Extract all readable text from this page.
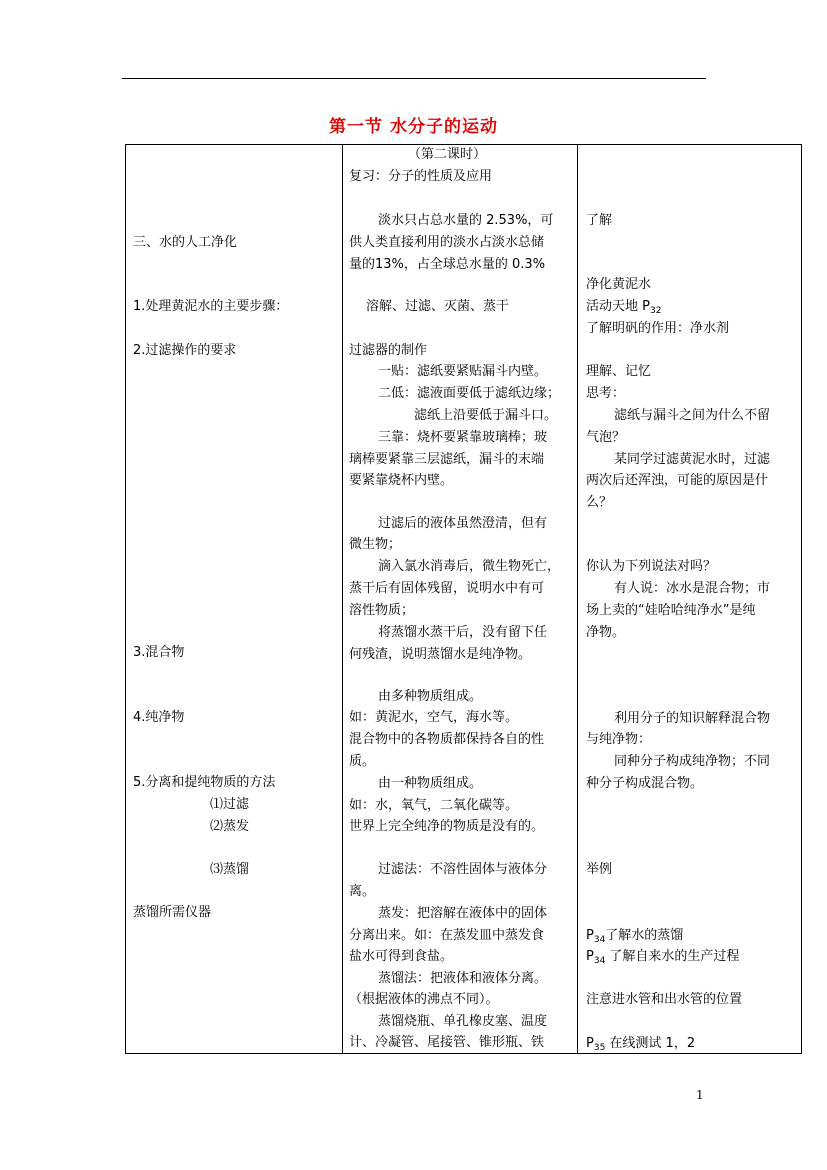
第一节 水分子的运动
三、水的人工净化
1.处理黄泥水的主要步骤：
2.过滤操作的要求
3.混合物
4.纯净物
5.分离和提纯物质的方法
⑴过滤
⑵蒸发
⑶蒸馏
蒸馏所需仪器
（第二课时）
复习：分子的性质及应用
淡水只占总水量的 2.53%，可
供人类直接利用的淡水占淡水总储
量的13%，占全球总水量的 0.3%
溶解、过滤、灭菌、蒸干
过滤器的制作
一贴：滤纸要紧贴漏斗内壁。
二低：滤液面要低于滤纸边缘；
滤纸上沿要低于漏斗口。
三靠：烧杯要紧靠玻璃棒；玻
璃棒要紧靠三层滤纸，漏斗的末端
要紧靠烧杯内壁。
过滤后的液体虽然澄清，但有
微生物；
滴入氯水消毒后，微生物死亡，
蒸干后有固体残留，说明水中有可
溶性物质；
将蒸馏水蒸干后，没有留下任
何残渣，说明蒸馏水是纯净物。
由多种物质组成。
如：黄泥水，空气，海水等。
混合物中的各物质都保持各自的性
质。
由一种物质组成。
如：水，氧气，二氧化碳等。
世界上完全纯净的物质是没有的。
过滤法：不溶性固体与液体分
离。
蒸发：把溶解在液体中的固体
分离出来。如：在蒸发皿中蒸发食
盐水可得到食盐。
蒸馏法：把液体和液体分离。
（根据液体的沸点不同）。
蒸馏烧瓶、单孔橡皮塞、温度
计、冷凝管、尾接管、锥形瓶、铁
了解
净化黄泥水
活动天地 $P_{32}$
了解明矾的作用：净水剂
理解、记忆
思考：
滤纸与漏斗之间为什么不留
气泡？
某同学过滤黄泥水时，过滤
两次后还浑浊，可能的原因是什
么？
你认为下列说法对吗？
有人说：冰水是混合物；市
场上卖的“娃哈哈纯净水”是纯
净物。
利用分子的知识解释混合物
与纯净物：
同种分子构成纯净物；不同
种分子构成混合物。
举例
$P_{34}$了解水的蒸馏
$P_{34}$ 了解自来水的生产过程
注意进水管和出水管的位置
$P_{35}$ 在线测试 1，2
1
